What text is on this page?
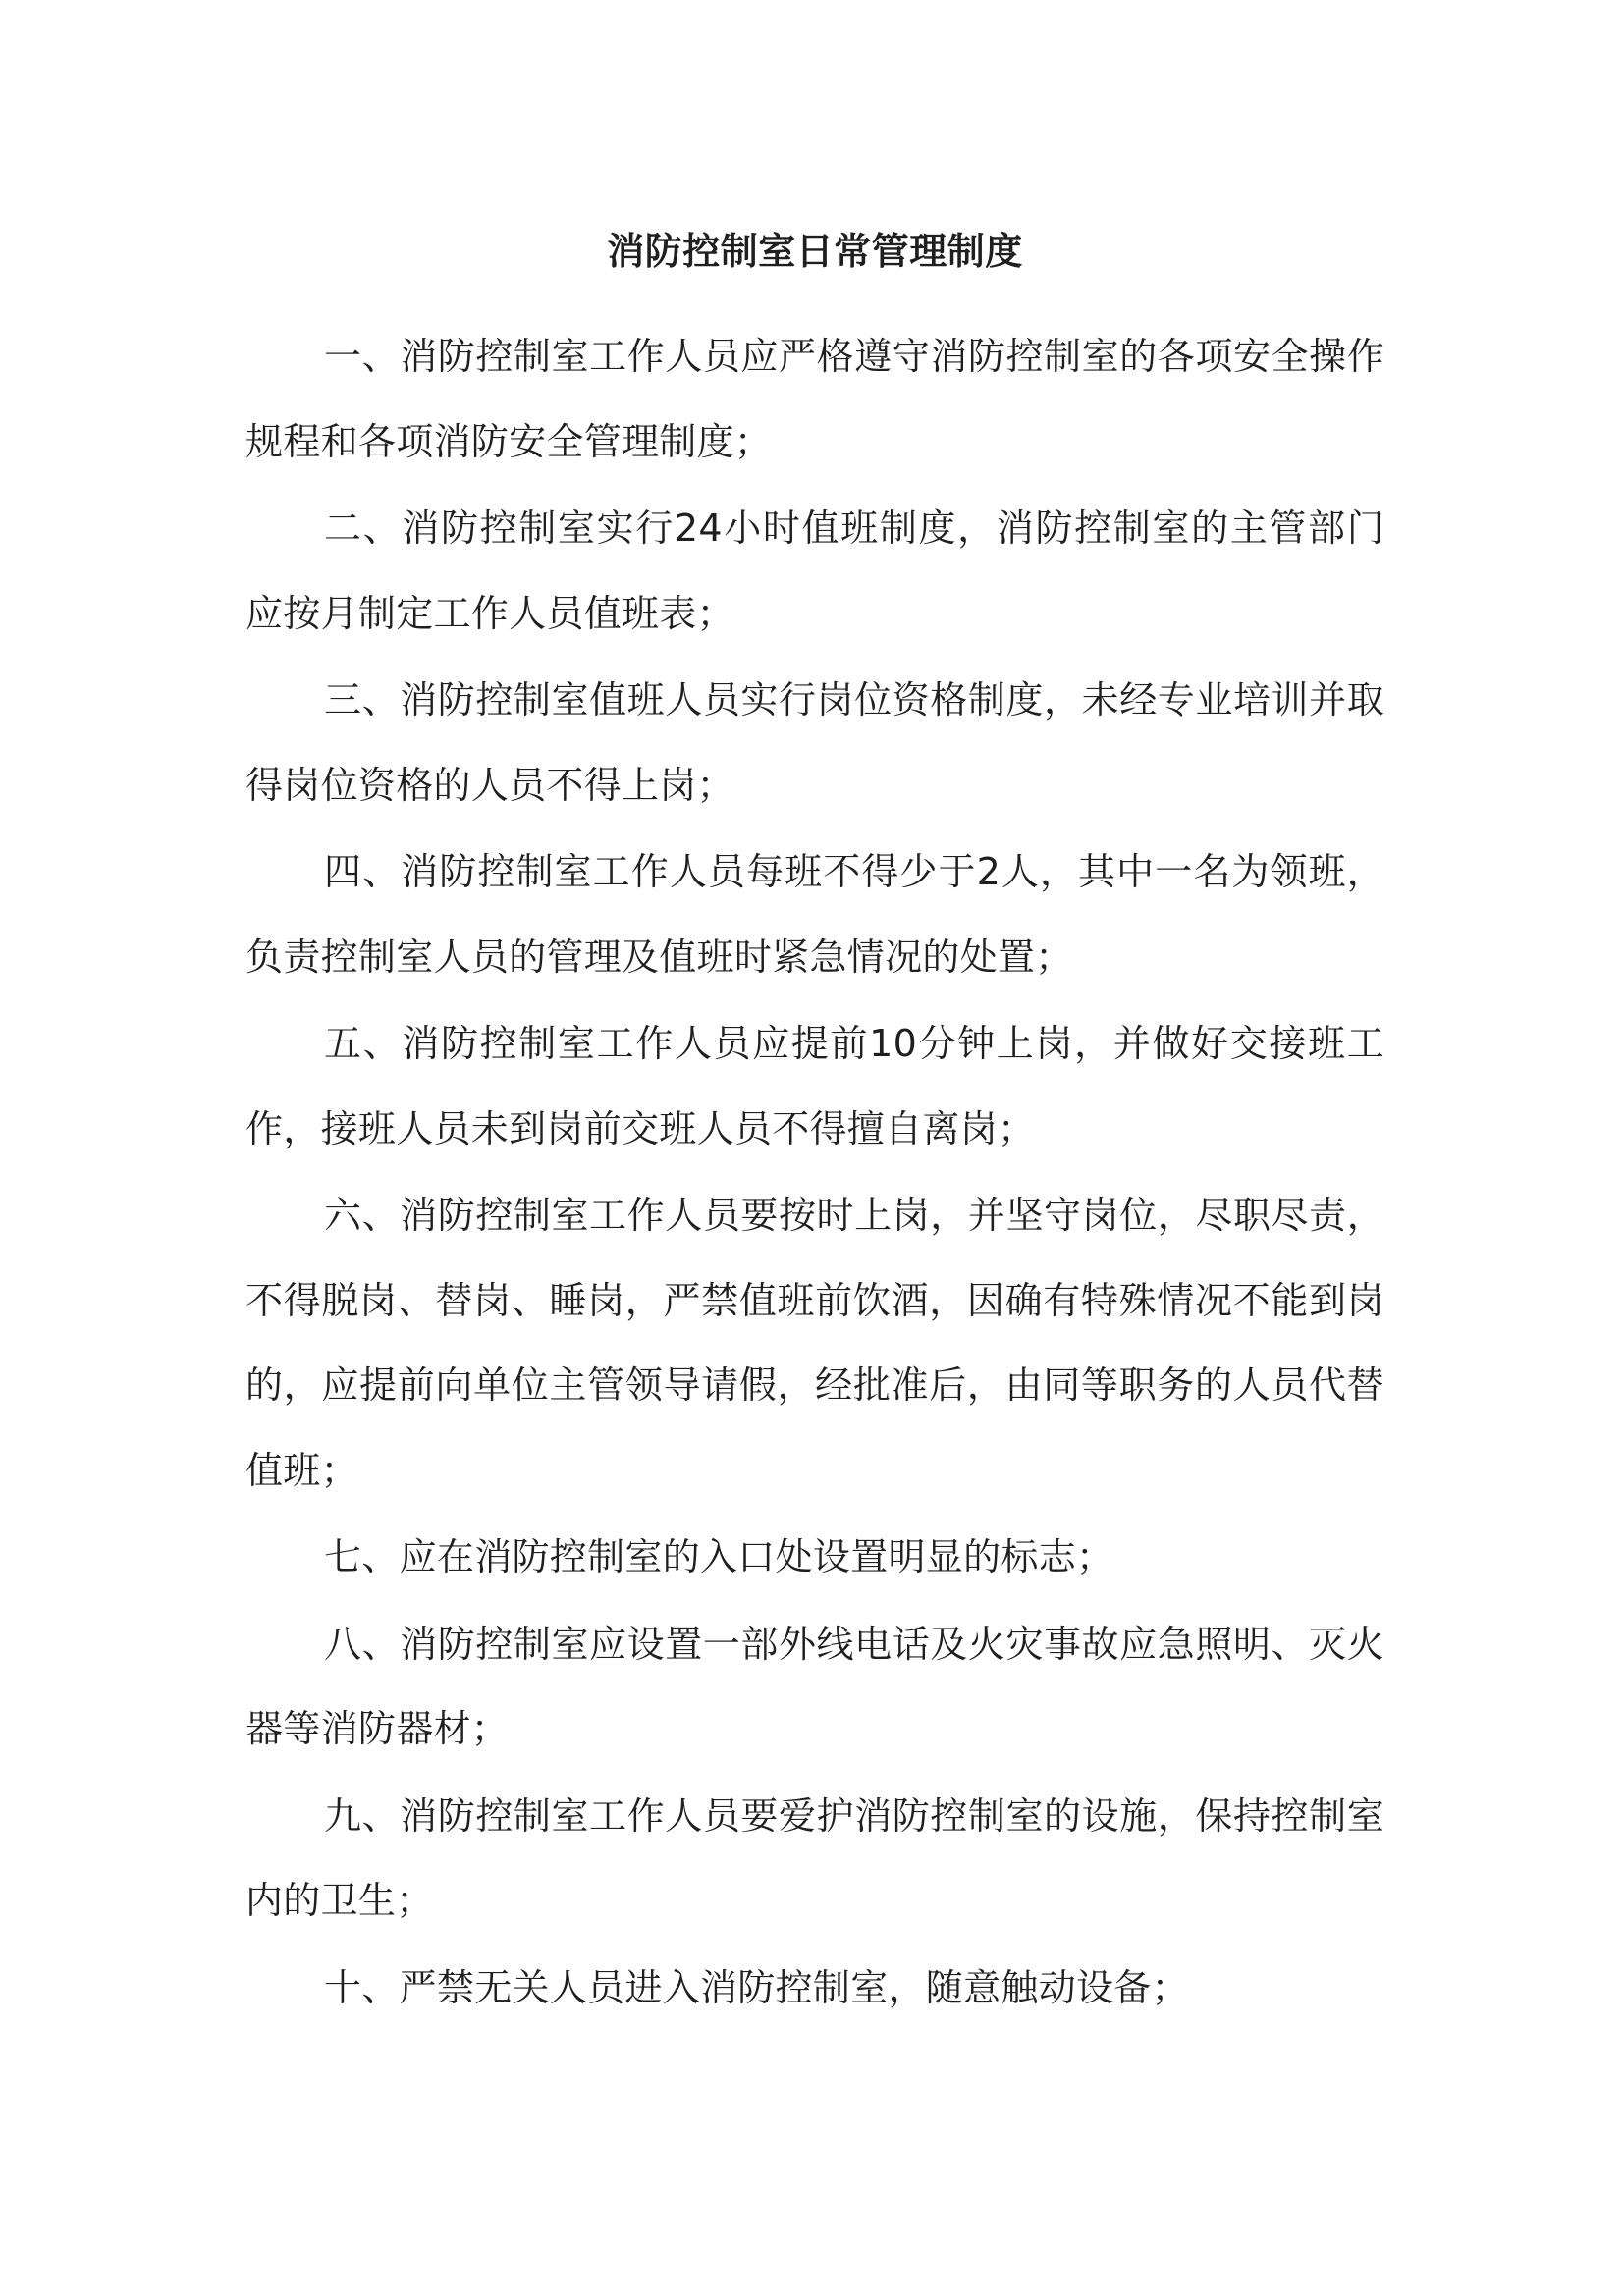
消防控制室日常管理制度
一、消防控制室工作人员应严格遵守消防控制室的各项安全操作规程和各项消防安全管理制度；
二、消防控制室实行24小时值班制度，消防控制室的主管部门应按月制定工作人员值班表；
三、消防控制室值班人员实行岗位资格制度，未经专业培训并取得岗位资格的人员不得上岗；
四、消防控制室工作人员每班不得少于2人，其中一名为领班，负责控制室人员的管理及值班时紧急情况的处置；
五、消防控制室工作人员应提前10分钟上岗，并做好交接班工作，接班人员未到岗前交班人员不得擅自离岗；
六、消防控制室工作人员要按时上岗，并坚守岗位，尽职尽责，不得脱岗、替岗、睡岗，严禁值班前饮酒，因确有特殊情况不能到岗的，应提前向单位主管领导请假，经批准后，由同等职务的人员代替值班；
七、应在消防控制室的入口处设置明显的标志；
八、消防控制室应设置一部外线电话及火灾事故应急照明、灭火器等消防器材；
九、消防控制室工作人员要爱护消防控制室的设施，保持控制室内的卫生；
十、严禁无关人员进入消防控制室，随意触动设备；
